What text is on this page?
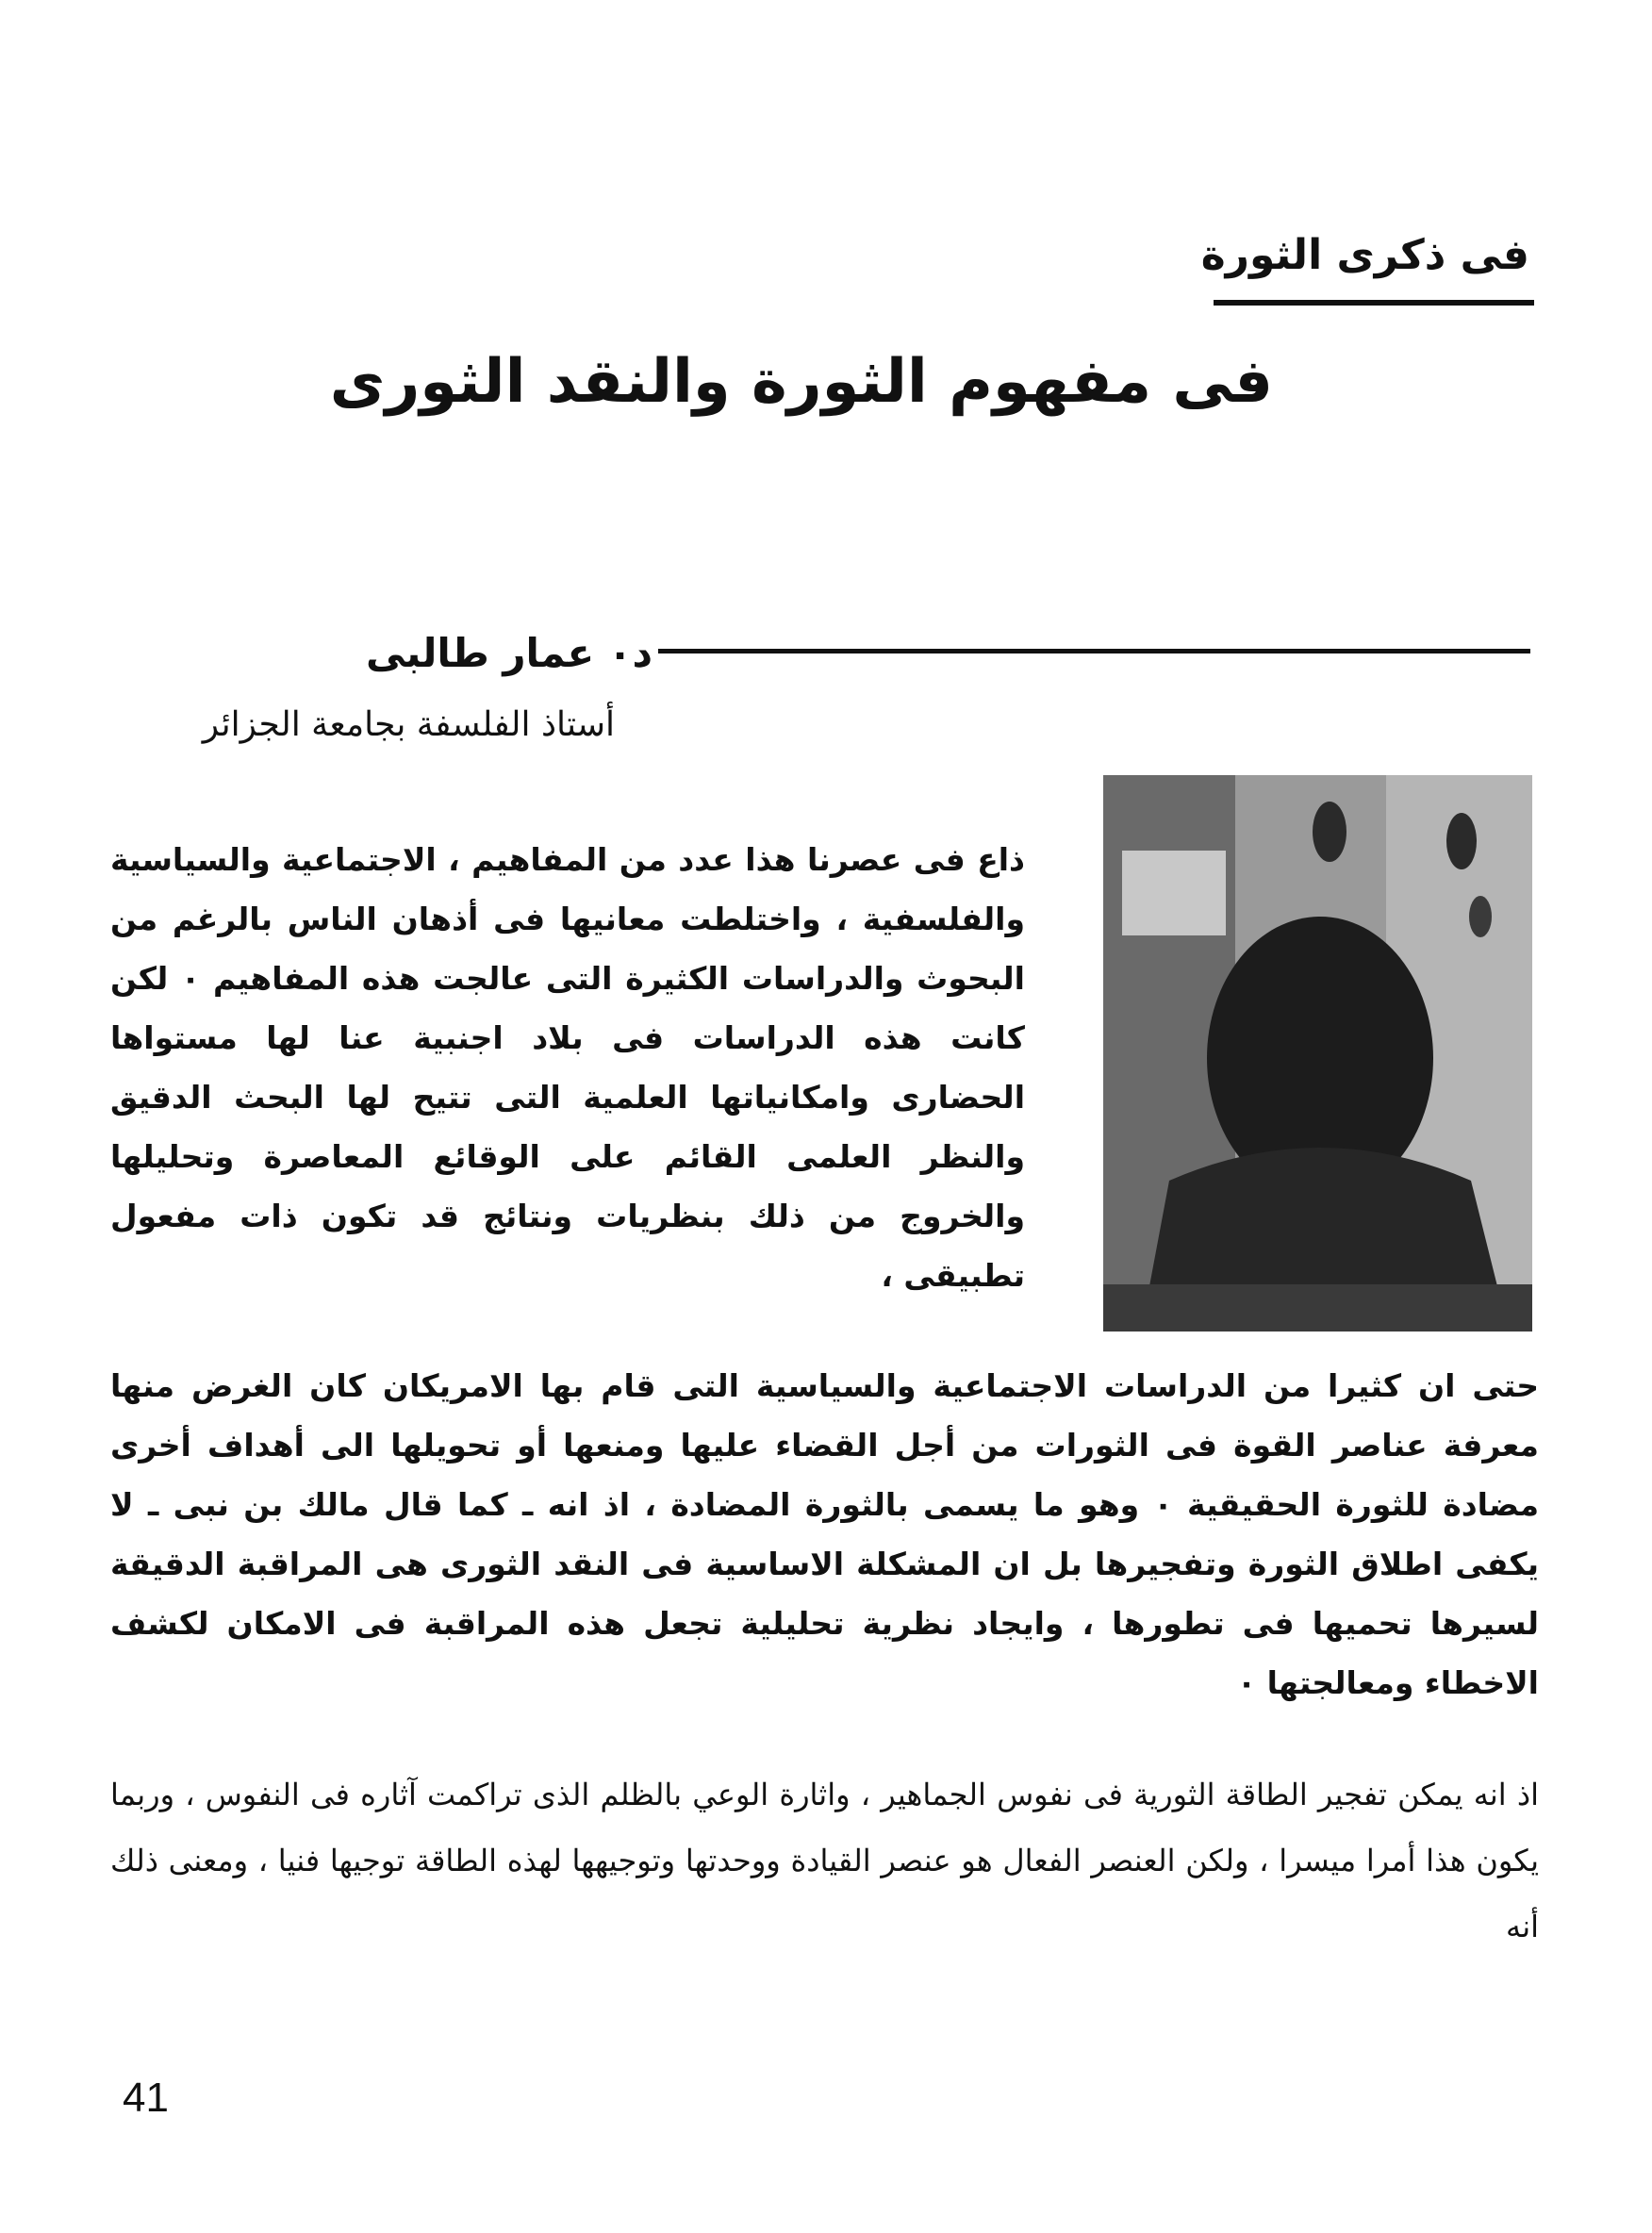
فى ذكرى الثورة
فى مفهوم الثورة والنقد الثورى
د٠ عمار طالبى
أستاذ الفلسفة بجامعة الجزائر

ذاع فى عصرنا هذا عدد من المفاهيم ، الاجتماعية والسياسية والفلسفية ، واختلطت معانيها فى أذهان الناس بالرغم من البحوث والدراسات الكثيرة التى عالجت هذه المفاهيم ٠ لكن كانت هذه الدراسات فى بلاد اجنبية عنا لها مستواها الحضارى وامكانياتها العلمية التى تتيح لها البحث الدقيق والنظر العلمى القائم على الوقائع المعاصرة وتحليلها والخروج من ذلك بنظريات ونتائج قد تكون ذات مفعول تطبيقى ،

حتى ان كثيرا من الدراسات الاجتماعية والسياسية التى قام بها الامريكان كان الغرض منها معرفة عناصر القوة فى الثورات من أجل القضاء عليها ومنعها أو تحويلها الى أهداف أخرى مضادة للثورة الحقيقية ٠ وهو ما يسمى بالثورة المضادة ، اذ انه ـ كما قال مالك بن نبى ـ لا يكفى اطلاق الثورة وتفجيرها بل ان المشكلة الاساسية فى النقد الثورى هى المراقبة الدقيقة لسيرها تحميها فى تطورها ، وايجاد نظرية تحليلية تجعل هذه المراقبة فى الامكان لكشف الاخطاء ومعالجتها ٠

اذ انه يمكن تفجير الطاقة الثورية فى نفوس الجماهير ، واثارة الوعي بالظلم الذى تراكمت آثاره فى النفوس ، وربما يكون هذا أمرا ميسرا ، ولكن العنصر الفعال هو عنصر القيادة ووحدتها وتوجيهها لهذه الطاقة توجيها فنيا ، ومعنى ذلك أنه

41
